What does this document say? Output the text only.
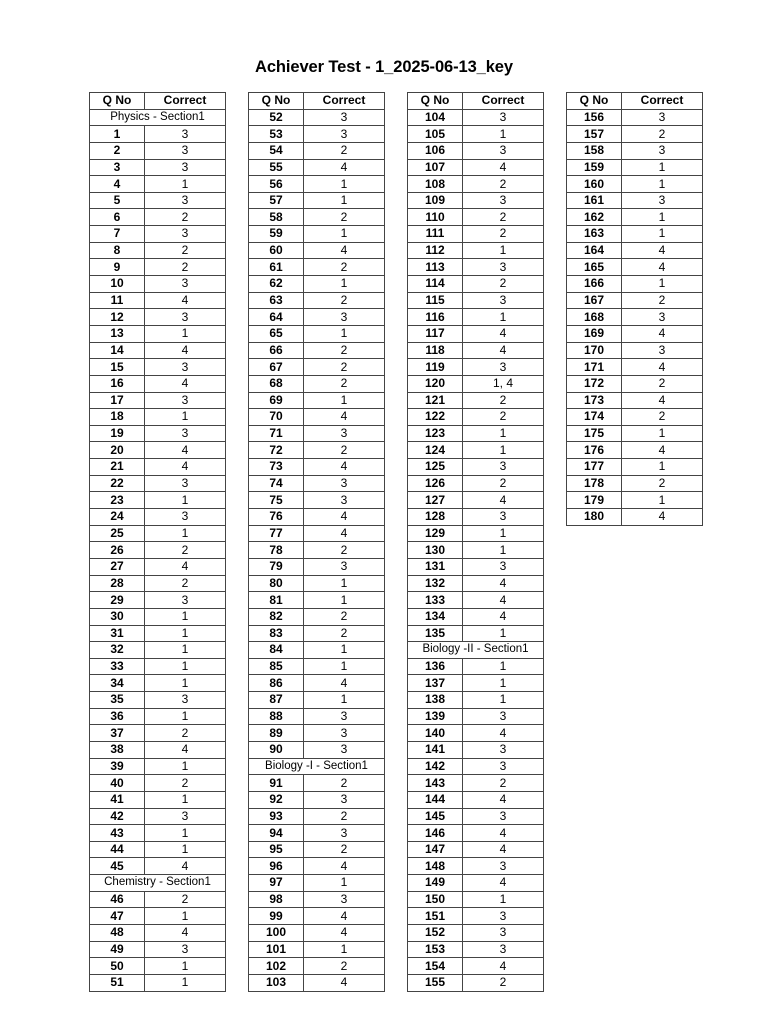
Achiever Test - 1_2025-06-13_key
Q No	Correct
Physics - Section1	
1	3
2	3
3	3
4	1
5	3
6	2
7	3
8	2
9	2
10	3
11	4
12	3
13	1
14	4
15	3
16	4
17	3
18	1
19	3
20	4
21	4
22	3
23	1
24	3
25	1
26	2
27	4
28	2
29	3
30	1
31	1
32	1
33	1
34	1
35	3
36	1
37	2
38	4
39	1
40	2
41	1
42	3
43	1
44	1
45	4
Chemistry - Section1	
46	2
47	1
48	4
49	3
50	1
51	1
Q No	Correct
52	3
53	3
54	2
55	4
56	1
57	1
58	2
59	1
60	4
61	2
62	1
63	2
64	3
65	1
66	2
67	2
68	2
69	1
70	4
71	3
72	2
73	4
74	3
75	3
76	4
77	4
78	2
79	3
80	1
81	1
82	2
83	2
84	1
85	1
86	4
87	1
88	3
89	3
90	3
Biology -I - Section1	
91	2
92	3
93	2
94	3
95	2
96	4
97	1
98	3
99	4
100	4
101	1
102	2
103	4
Q No	Correct
104	3
105	1
106	3
107	4
108	2
109	3
110	2
111	2
112	1
113	3
114	2
115	3
116	1
117	4
118	4
119	3
120	1, 4
121	2
122	2
123	1
124	1
125	3
126	2
127	4
128	3
129	1
130	1
131	3
132	4
133	4
134	4
135	1
Biology -II - Section1	
136	1
137	1
138	1
139	3
140	4
141	3
142	3
143	2
144	4
145	3
146	4
147	4
148	3
149	4
150	1
151	3
152	3
153	3
154	4
155	2
Q No	Correct
156	3
157	2
158	3
159	1
160	1
161	3
162	1
163	1
164	4
165	4
166	1
167	2
168	3
169	4
170	3
171	4
172	2
173	4
174	2
175	1
176	4
177	1
178	2
179	1
180	4
